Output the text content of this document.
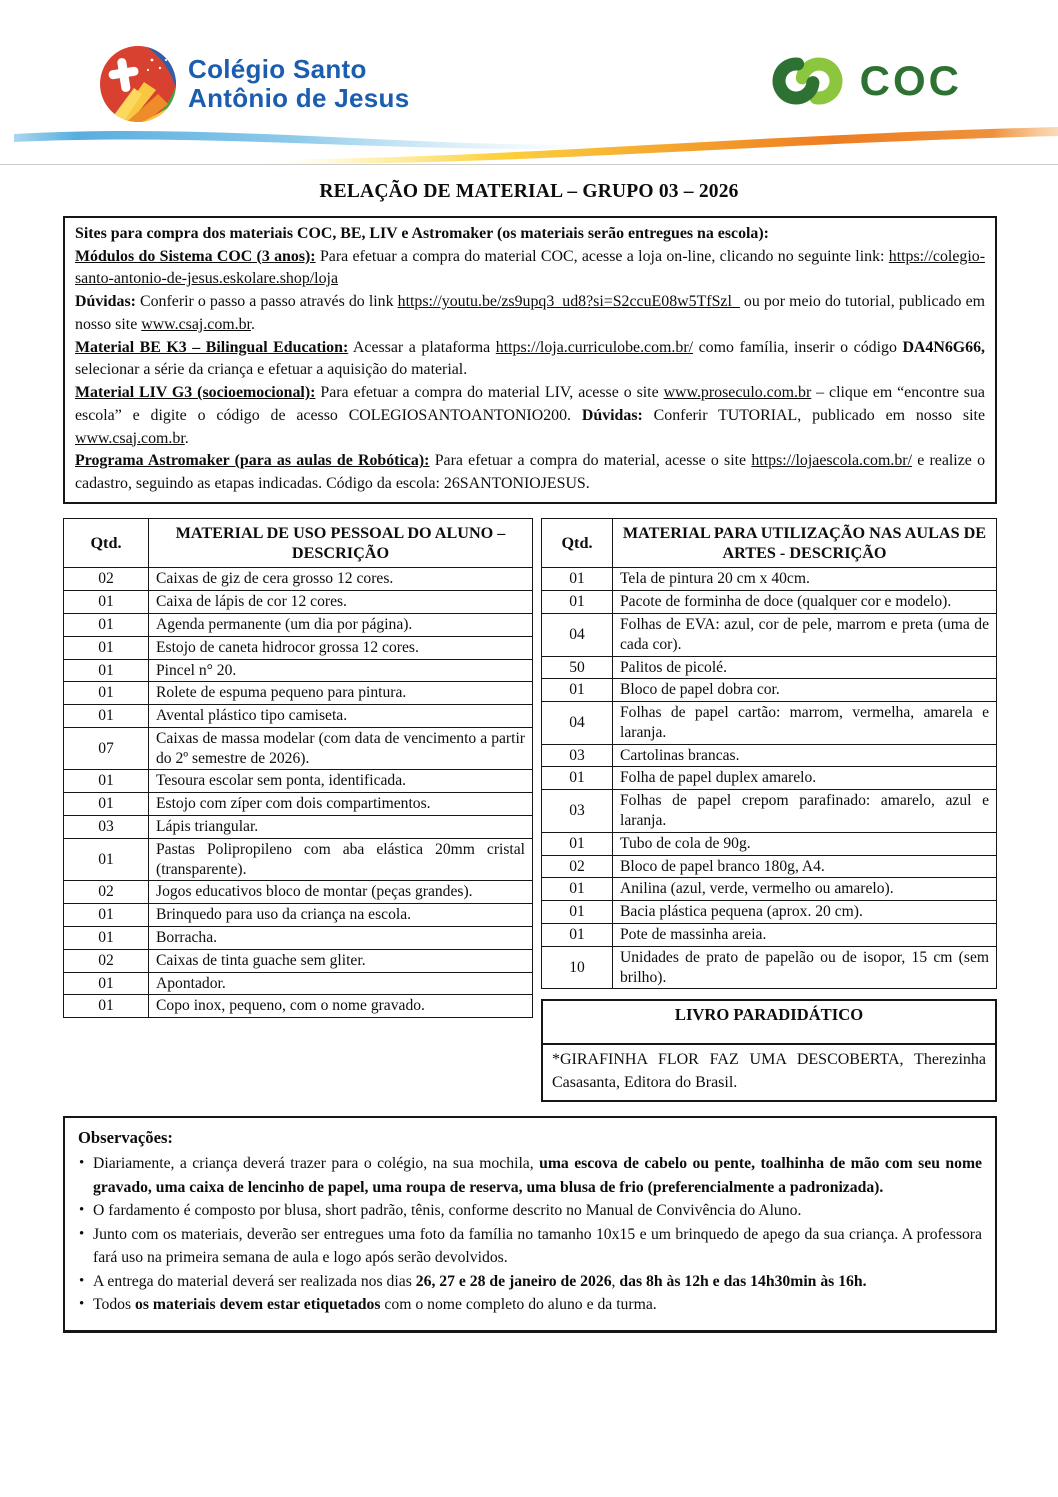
Colégio Santo
Antônio de Jesus	COC
RELAÇÃO DE MATERIAL – GRUPO 03 – 2026

Sites para compra dos materiais COC, BE, LIV e Astromaker (os materiais serão entregues na escola):

Módulos do Sistema COC (3 anos): Para efetuar a compra do material COC, acesse a loja on-line, clicando no seguinte link: https://colegio-santo-antonio-de-jesus.eskolare.shop/loja

Dúvidas: Conferir o passo a passo através do link https://youtu.be/zs9upq3_ud8?si=S2ccuE08w5TfSzl_ ou por meio do tutorial, publicado em nosso site www.csaj.com.br.

Material BE K3 – Bilingual Education: Acessar a plataforma https://loja.curriculobe.com.br/ como família, inserir o código DA4N6G66, selecionar a série da criança e efetuar a aquisição do material.

Material LIV G3 (socioemocional): Para efetuar a compra do material LIV, acesse o site www.proseculo.com.br – clique em “encontre sua escola” e digite o código de acesso COLEGIOSANTOANTONIO200. Dúvidas: Conferir TUTORIAL, publicado em nosso site www.csaj.com.br.

Programa Astromaker (para as aulas de Robótica): Para efetuar a compra do material, acesse o site https://lojaescola.com.br/ e realize o cadastro, seguindo as etapas indicadas. Código da escola: 26SANTONIOJESUS.

Qtd.	MATERIAL DE USO PESSOAL DO ALUNO – DESCRIÇÃO
02	Caixas de giz de cera grosso 12 cores.
01	Caixa de lápis de cor 12 cores.
01	Agenda permanente (um dia por página).
01	Estojo de caneta hidrocor grossa 12 cores.
01	Pincel n° 20.
01	Rolete de espuma pequeno para pintura.
01	Avental plástico tipo camiseta.
07	Caixas de massa modelar (com data de vencimento a partir do 2º semestre de 2026).
01	Tesoura escolar sem ponta, identificada.
01	Estojo com zíper com dois compartimentos.
03	Lápis triangular.
01	Pastas Polipropileno com aba elástica 20mm cristal (transparente).
02	Jogos educativos bloco de montar (peças grandes).
01	Brinquedo para uso da criança na escola.
01	Borracha.
02	Caixas de tinta guache sem gliter.
01	Apontador.
01	Copo inox, pequeno, com o nome gravado.
Qtd.	MATERIAL PARA UTILIZAÇÃO NAS AULAS DE ARTES - DESCRIÇÃO
01	Tela de pintura 20 cm x 40cm.
01	Pacote de forminha de doce (qualquer cor e modelo).
04	Folhas de EVA: azul, cor de pele, marrom e preta (uma de cada cor).
50	Palitos de picolé.
01	Bloco de papel dobra cor.
04	Folhas de papel cartão: marrom, vermelha, amarela e laranja.
03	Cartolinas brancas.
01	Folha de papel duplex amarelo.
03	Folhas de papel crepom parafinado: amarelo, azul e laranja.
01	Tubo de cola de 90g.
02	Bloco de papel branco 180g, A4.
01	Anilina (azul, verde, vermelho ou amarelo).
01	Bacia plástica pequena (aprox. 20 cm).
01	Pote de massinha areia.
10	Unidades de prato de papelão ou de isopor, 15 cm (sem brilho).
LIVRO PARADIDÁTICO
*GIRAFINHA FLOR FAZ UMA DESCOBERTA, Therezinha Casasanta, Editora do Brasil.
Observações:
• Diariamente, a criança deverá trazer para o colégio, na sua mochila, uma escova de cabelo ou pente, toalhinha de mão com seu nome gravado, uma caixa de lencinho de papel, uma roupa de reserva, uma blusa de frio (preferencialmente a padronizada).
• O fardamento é composto por blusa, short padrão, tênis, conforme descrito no Manual de Convivência do Aluno.
• Junto com os materiais, deverão ser entregues uma foto da família no tamanho 10x15 e um brinquedo de apego da sua criança. A professora fará uso na primeira semana de aula e logo após serão devolvidos.
• A entrega do material deverá ser realizada nos dias 26, 27 e 28 de janeiro de 2026, das 8h às 12h e das 14h30min às 16h.
• Todos os materiais devem estar etiquetados com o nome completo do aluno e da turma.
